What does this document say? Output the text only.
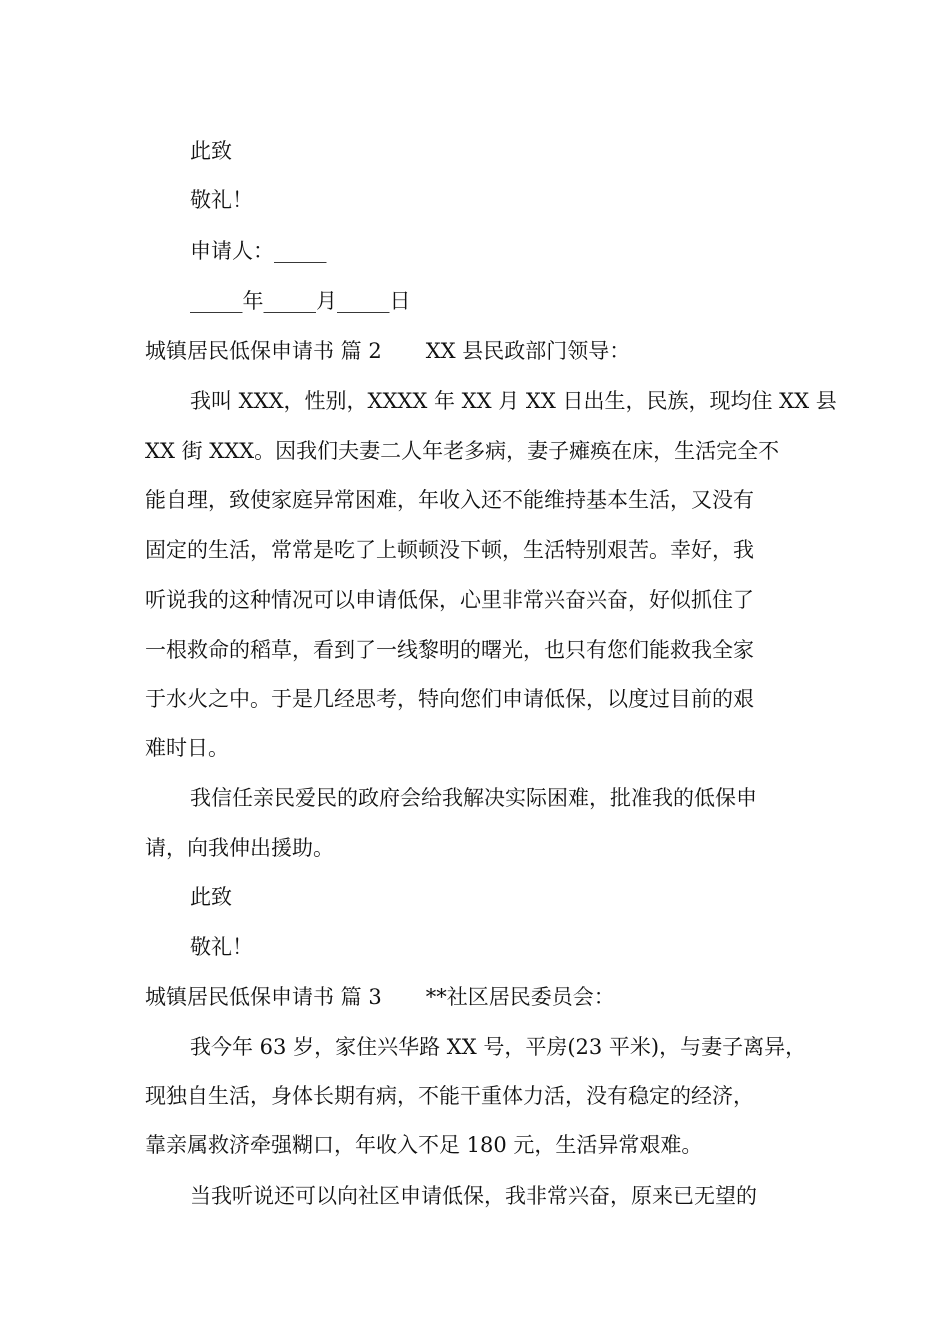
此致

敬礼！

申请人：_____

_____年_____月_____日

城镇居民低保申请书 篇 2 XX 县民政部门领导：

我叫 XXX，性别，XXXX 年 XX 月 XX 日出生，民族，现均住 XX 县

XX 街 XXX。因我们夫妻二人年老多病，妻子瘫痪在床，生活完全不

能自理，致使家庭异常困难，年收入还不能维持基本生活，又没有

固定的生活，常常是吃了上顿顿没下顿，生活特别艰苦。幸好，我

听说我的这种情况可以申请低保，心里非常兴奋兴奋，好似抓住了

一根救命的稻草，看到了一线黎明的曙光，也只有您们能救我全家

于水火之中。于是几经思考，特向您们申请低保，以度过目前的艰

难时日。

我信任亲民爱民的政府会给我解决实际困难，批准我的低保申

请，向我伸出援助。

此致

敬礼！

城镇居民低保申请书 篇 3 **社区居民委员会：

我今年 63 岁，家住兴华路 XX 号，平房(23 平米)，与妻子离异，

现独自生活，身体长期有病，不能干重体力活，没有稳定的经济，

靠亲属救济牵强糊口，年收入不足 180 元，生活异常艰难。

当我听说还可以向社区申请低保，我非常兴奋，原来已无望的
